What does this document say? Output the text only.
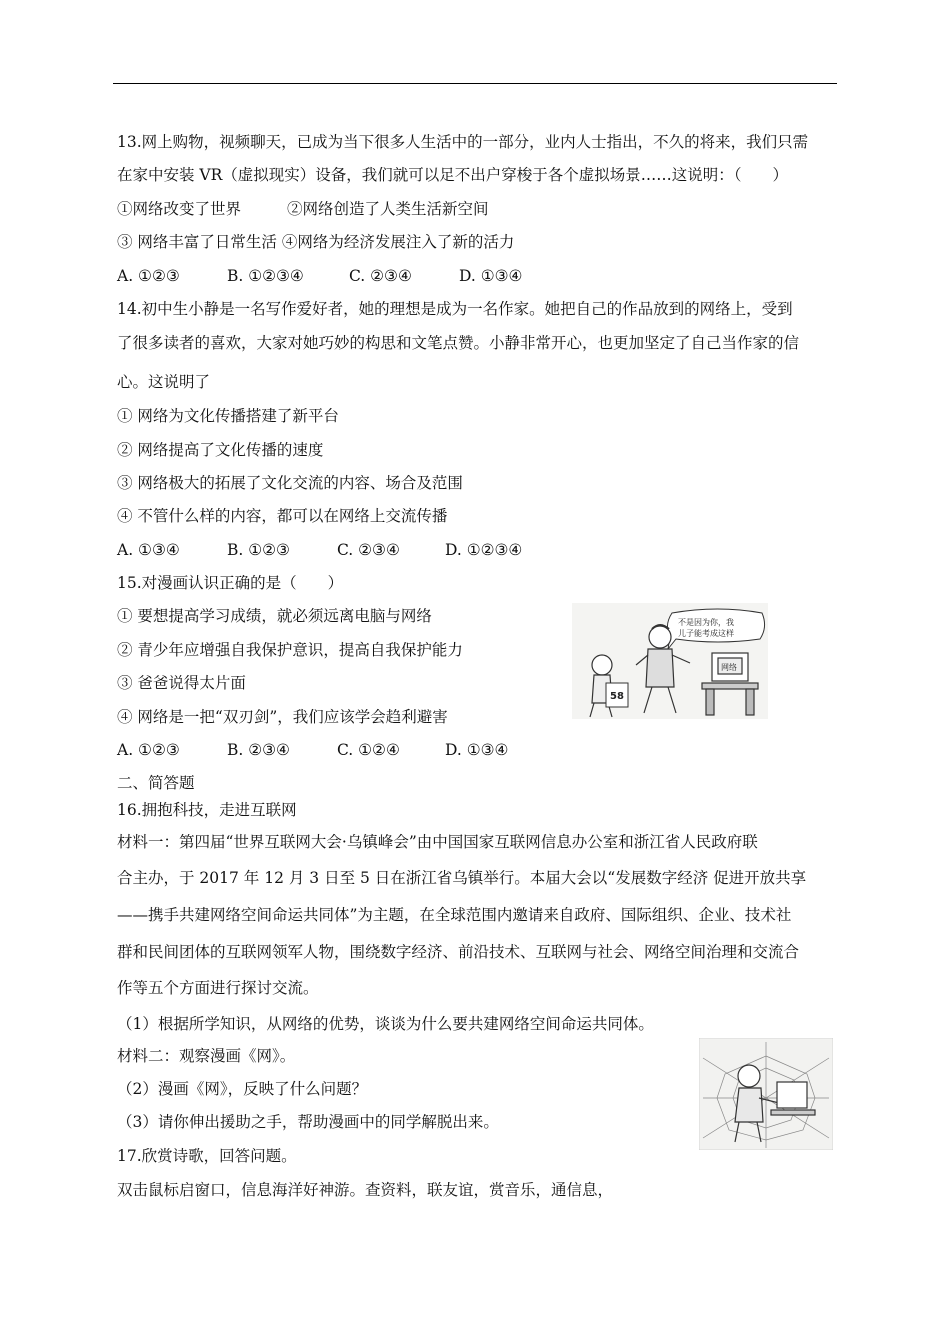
13.网上购物，视频聊天，已成为当下很多人生活中的一部分，业内人士指出，不久的将来，我们只需
在家中安装 VR（虚拟现实）设备，我们就可以足不出户穿梭于各个虚拟场景……这说明：（　　）
①网络改变了世界	②网络创造了人类生活新空间
③ 网络丰富了日常生活 ④网络为经济发展注入了新的活力
A. ①②③	B. ①②③④	C. ②③④	D. ①③④
14.初中生小静是一名写作爱好者，她的理想是成为一名作家。她把自己的作品放到的网络上，受到
了很多读者的喜欢，大家对她巧妙的构思和文笔点赞。小静非常开心，也更加坚定了自己当作家的信
心。这说明了
① 网络为文化传播搭建了新平台
② 网络提高了文化传播的速度
③ 网络极大的拓展了文化交流的内容、场合及范围
④ 不管什么样的内容，都可以在网络上交流传播
A. ①③④	B. ①②③	C. ②③④	D. ①②③④
15.对漫画认识正确的是（　　）
① 要想提高学习成绩，就必须远离电脑与网络
② 青少年应增强自我保护意识，提高自我保护能力
③ 爸爸说得太片面
④ 网络是一把“双刃剑”，我们应该学会趋利避害
A. ①②③	B. ②③④	C. ①②④	D. ①③④
二、简答题
16.拥抱科技，走进互联网
材料一：第四届“世界互联网大会·乌镇峰会”由中国国家互联网信息办公室和浙江省人民政府联
合主办，于 2017 年 12 月 3 日至 5 日在浙江省乌镇举行。本届大会以“发展数字经济 促进开放共享
——携手共建网络空间命运共同体”为主题，在全球范围内邀请来自政府、国际组织、企业、技术社
群和民间团体的互联网领军人物，围绕数字经济、前沿技术、互联网与社会、网络空间治理和交流合
作等五个方面进行探讨交流。
（1）根据所学知识，从网络的优势，谈谈为什么要共建网络空间命运共同体。
材料二：观察漫画《网》。
（2）漫画《网》，反映了什么问题？
（3）请你伸出援助之手，帮助漫画中的同学解脱出来。
17.欣赏诗歌，回答问题。
双击鼠标启窗口，信息海洋好神游。查资料，联友谊，赏音乐，通信息，
不是因为你，我
儿子能考成这样
58
网络
